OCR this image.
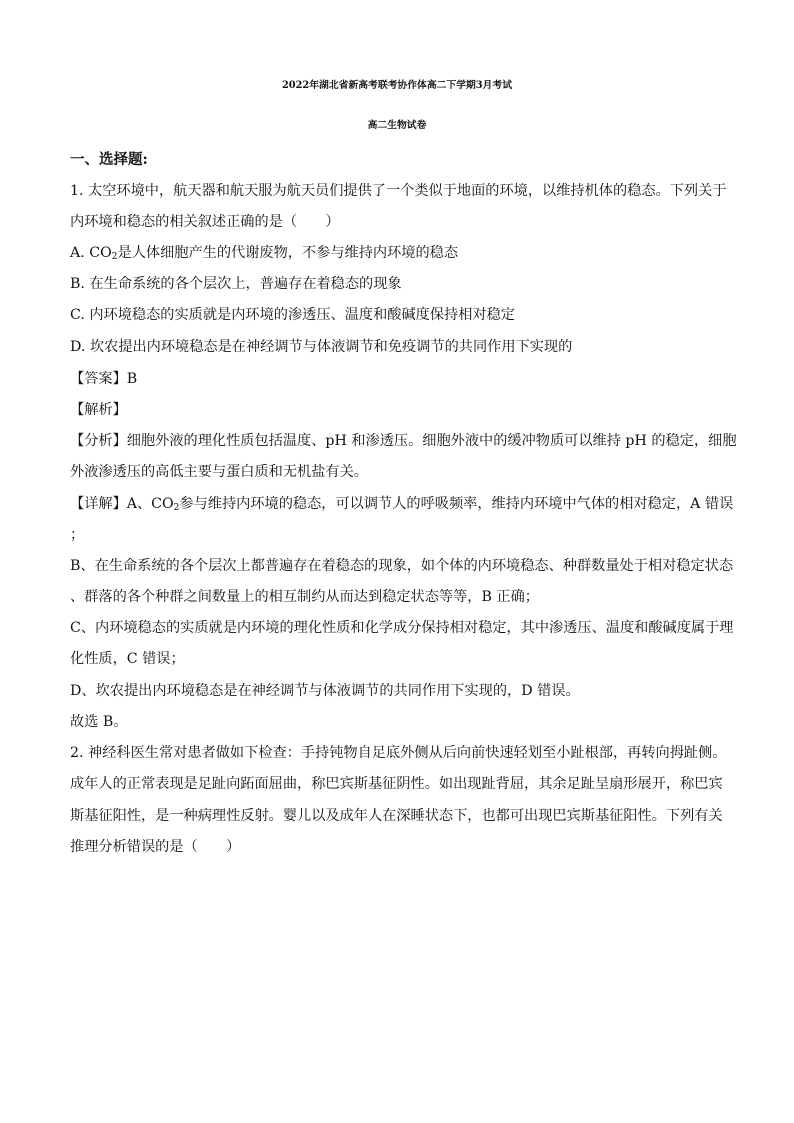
2022年湖北省新高考联考协作体高二下学期3月考试
高二生物试卷
一、选择题:
1. 太空环境中，航天器和航天服为航天员们提供了一个类似于地面的环境，以维持机体的稳态。下列关于
内环境和稳态的相关叙述正确的是（　　）
A. $CO_2$是人体细胞产生的代谢废物，不参与维持内环境的稳态
B. 在生命系统的各个层次上，普遍存在着稳态的现象
C. 内环境稳态的实质就是内环境的渗透压、温度和酸碱度保持相对稳定
D. 坎农提出内环境稳态是在神经调节与体液调节和免疫调节的共同作用下实现的
【答案】B
【解析】
【分析】细胞外液的理化性质包括温度、pH 和渗透压。细胞外液中的缓冲物质可以维持 pH 的稳定，细胞
外液渗透压的高低主要与蛋白质和无机盐有关。
【详解】A、$CO_2$参与维持内环境的稳态，可以调节人的呼吸频率，维持内环境中气体的相对稳定，A 错误
；
B、在生命系统的各个层次上都普遍存在着稳态的现象，如个体的内环境稳态、种群数量处于相对稳定状态
、群落的各个种群之间数量上的相互制约从而达到稳定状态等等，B 正确；
C、内环境稳态的实质就是内环境的理化性质和化学成分保持相对稳定，其中渗透压、温度和酸碱度属于理
化性质，C 错误；
D、坎农提出内环境稳态是在神经调节与体液调节的共同作用下实现的，D 错误。
故选 B。
2. 神经科医生常对患者做如下检查：手持钝物自足底外侧从后向前快速轻划至小趾根部，再转向拇趾侧。
成年人的正常表现是足趾向跖面屈曲，称巴宾斯基征阴性。如出现趾背屈，其余足趾呈扇形展开，称巴宾
斯基征阳性，是一种病理性反射。婴儿以及成年人在深睡状态下，也都可出现巴宾斯基征阳性。下列有关
推理分析错误的是（　　）
